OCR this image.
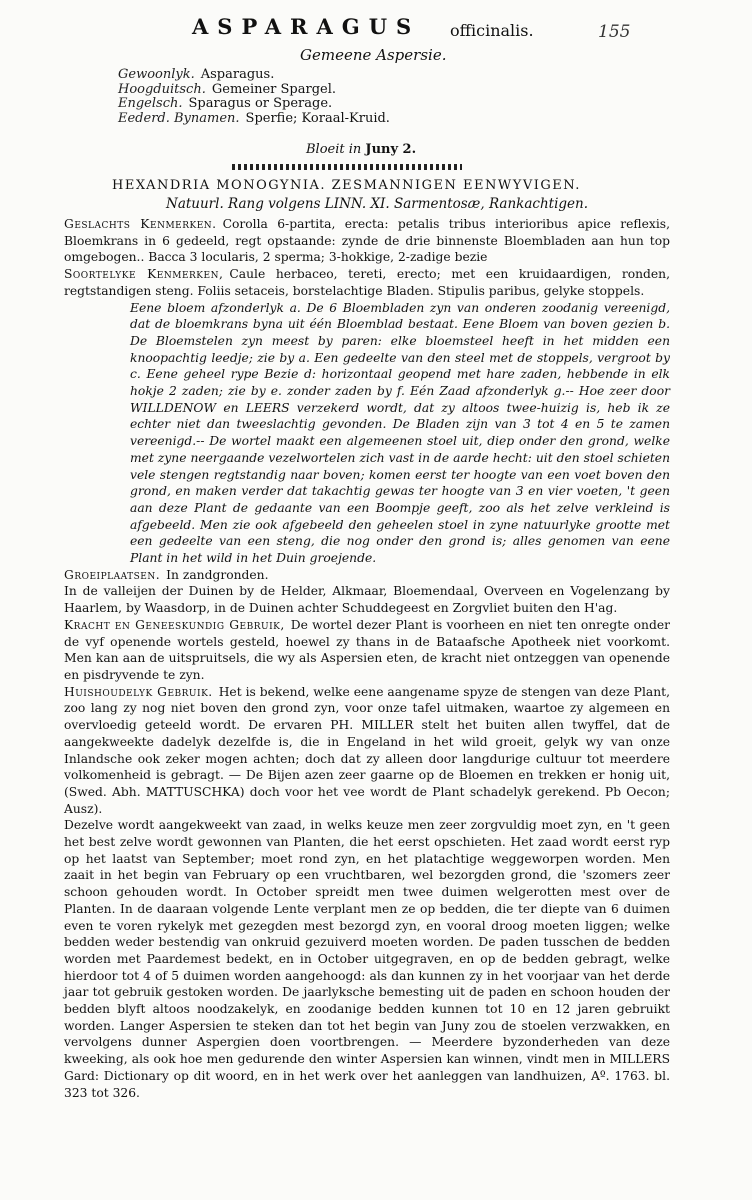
ASPARAGUS officinalis.	155
Gemeene Aspersie.
Gewoonlyk. Asparagus.
Hoogduitsch. Gemeiner Spargel.
Engelsch. Sparagus or Sperage.
Eederd. Bynamen. Sperfie; Koraal-Kruid.
Bloeit in Juny 2.
HEXANDRIA MONOGYNIA. ZESMANNIGEN EENWYVIGEN.
Natuurl. Rang volgens LINN. XI. Sarmentosæ, Rankachtigen.

Geslachts Kenmerken. Corolla 6-partita, erecta: petalis tribus interioribus apice reflexis, Bloemkrans in 6 gedeeld, regt opstaande: zynde de drie binnenste Bloembladen aan hun top omgebogen.. Bacca 3 locularis, 2 sperma; 3-hokkige, 2-zadige bezie

Soortelyke Kenmerken, Caule herbaceo, tereti, erecto; met een kruidaardigen, ronden, regtstandigen steng. Foliis setaceis, borstelachtige Bladen. Stipulis paribus, gelyke stoppels.

Eene bloem afzonderlyk a. De 6 Bloembladen zyn van onderen zoodanig vereenigd, dat de bloemkrans byna uit één Bloemblad bestaat. Eene Bloem van boven gezien b. De Bloemstelen zyn meest by paren: elke bloemsteel heeft in het midden een knoopachtig leedje; zie by a. Een gedeelte van den steel met de stoppels, vergroot by c. Eene geheel rype Bezie d: horizontaal geopend met hare zaden, hebbende in elk hokje 2 zaden; zie by e. zonder zaden by f. Eén Zaad afzonderlyk g.-- Hoe zeer door WILLDENOW en LEERS verzekerd wordt, dat zy altoos twee-huizig is, heb ik ze echter niet dan tweeslachtig gevonden. De Bladen zijn van 3 tot 4 en 5 te zamen vereenigd.-- De wortel maakt een algemeenen stoel uit, diep onder den grond, welke met zyne neergaande vezelwortelen zich vast in de aarde hecht: uit den stoel schieten vele stengen regtstandig naar boven; komen eerst ter hoogte van een voet boven den grond, en maken verder dat takachtig gewas ter hoogte van 3 en vier voeten, 't geen aan deze Plant de gedaante van een Boompje geeft, zoo als het zelve verkleind is afgebeeld. Men zie ook afgebeeld den geheelen stoel in zyne natuurlyke grootte met een gedeelte van een steng, die nog onder den grond is; alles genomen van eene Plant in het wild in het Duin groejende.

Groeiplaatsen. In zandgronden.

In de valleijen der Duinen by de Helder, Alkmaar, Bloemendaal, Overveen en Vogelenzang by Haarlem, by Waasdorp, in de Duinen achter Schuddegeest en Zorgvliet buiten den H'ag.

Kracht en Geneeskundig Gebruik, De wortel dezer Plant is voorheen en niet ten onregte onder de vyf openende wortels gesteld, hoewel zy thans in de Bataafsche Apotheek niet voorkomt. Men kan aan de uitspruitsels, die wy als Aspersien eten, de kracht niet ontzeggen van openende en pisdryvende te zyn.

Huishoudelyk Gebruik. Het is bekend, welke eene aangename spyze de stengen van deze Plant, zoo lang zy nog niet boven den grond zyn, voor onze tafel uitmaken, waartoe zy algemeen en overvloedig geteeld wordt. De ervaren PH. MILLER stelt het buiten allen twyffel, dat de aangekweekte dadelyk dezelfde is, die in Engeland in het wild groeit, gelyk wy van onze Inlandsche ook zeker mogen achten; doch dat zy alleen door langdurige cultuur tot meerdere volkomenheid is gebragt. — De Bijen azen zeer gaarne op de Bloemen en trekken er honig uit, (Swed. Abh. MATTUSCHKA) doch voor het vee wordt de Plant schadelyk gerekend. Pb Oecon; Ausz).

Dezelve wordt aangekweekt van zaad, in welks keuze men zeer zorgvuldig moet zyn, en 't geen het best zelve wordt gewonnen van Planten, die het eerst opschieten. Het zaad wordt eerst ryp op het laatst van September; moet rond zyn, en het platachtige weggeworpen worden. Men zaait in het begin van February op een vruchtbaren, wel bezorgden grond, die 'szomers zeer schoon gehouden wordt. In October spreidt men twee duimen welgerotten mest over de Planten. In de daaraan volgende Lente verplant men ze op bedden, die ter diepte van 6 duimen even te voren rykelyk met gezegden mest bezorgd zyn, en vooral droog moeten liggen; welke bedden weder bestendig van onkruid gezuiverd moeten worden. De paden tusschen de bedden worden met Paardemest bedekt, en in October uitgegraven, en op de bedden gebragt, welke hierdoor tot 4 of 5 duimen worden aangehoogd: als dan kunnen zy in het voorjaar van het derde jaar tot gebruik gestoken worden. De jaarlyksche bemesting uit de paden en schoon houden der bedden blyft altoos noodzakelyk, en zoodanige bedden kunnen tot 10 en 12 jaren gebruikt worden. Langer Aspersien te steken dan tot het begin van Juny zou de stoelen verzwakken, en vervolgens dunner Aspergien doen voortbrengen. — Meerdere byzonderheden van deze kweeking, als ook hoe men gedurende den winter Aspersien kan winnen, vindt men in MILLERS Gard: Dictionary op dit woord, en in het werk over het aanleggen van landhuizen, Aº. 1763. bl. 323 tot 326.
